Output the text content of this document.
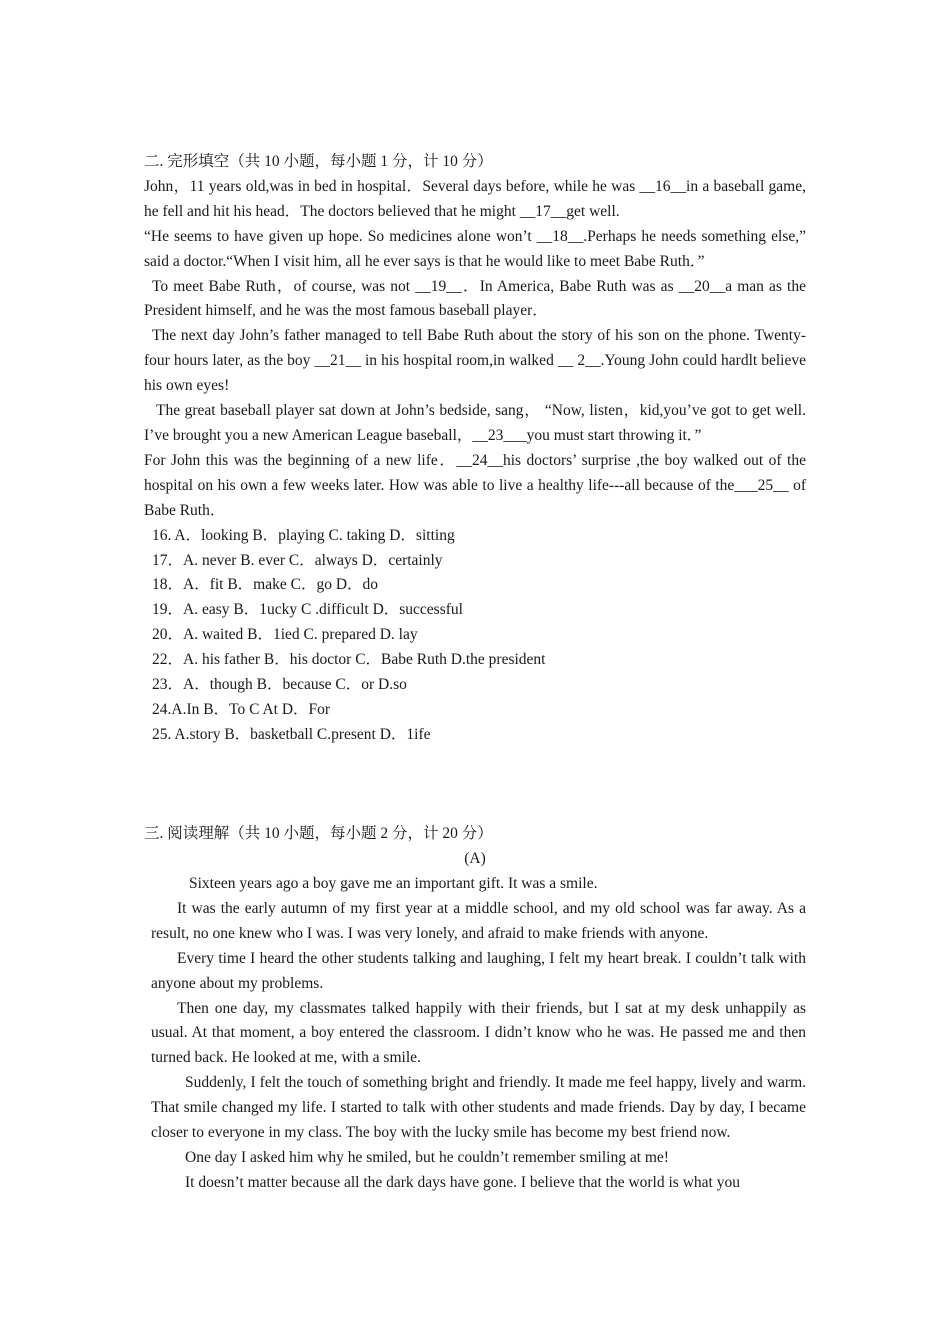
二. 完形填空（共 10 小题，每小题 1 分，计 10 分）

John，11 years old,was in bed in hospital．Several days before, while he was __16__in a baseball game, he fell and hit his head．The doctors believed that he might __17__get well.

“He seems to have given up hope. So medicines alone won’t __18__.Perhaps he needs something else,” said a doctor.“When I visit him, all he ever says is that he would like to meet Babe Ruth．”

To meet Babe Ruth，of course, was not __19__．In America, Babe Ruth was as __20__a man as the President himself, and he was the most famous baseball player．

The next day John’s father managed to tell Babe Ruth about the story of his son on the phone. Twenty-four hours later, as the boy __21__ in his hospital room,in walked __ 2__.Young John could hardlt believe his own eyes!

The great baseball player sat down at John’s bedside, sang， “Now, listen，kid,you’ve got to get well. I’ve brought you a new American League baseball，__23___you must start throwing it．”

For John this was the beginning of a new life．__24__his doctors’ surprise ,the boy walked out of the hospital on his own a few weeks later. How was able to live a healthy life---all because of the___25__ of Babe Ruth．

16. A．looking B．playing C. taking D．sitting

17．A. never B. ever C．always D．certainly

18．A．fit B．make C．go D．do

19．A. easy B．1ucky C .difficult D．successful

20．A. waited B．1ied C. prepared D. lay

22．A. his father B．his doctor C．Babe Ruth D.the president

23．A．though B．because C．or D.so

24.A.In B．To C At D．For

25. A.story B．basketball C.present D．1ife

三. 阅读理解（共 10 小题，每小题 2 分，计 20 分）

(A)

Sixteen years ago a boy gave me an important gift. It was a smile.

It was the early autumn of my first year at a middle school, and my old school was far away. As a result, no one knew who I was. I was very lonely, and afraid to make friends with anyone.

Every time I heard the other students talking and laughing, I felt my heart break. I couldn’t talk with anyone about my problems.

Then one day, my classmates talked happily with their friends, but I sat at my desk unhappily as usual. At that moment, a boy entered the classroom. I didn’t know who he was. He passed me and then turned back. He looked at me, with a smile.

Suddenly, I felt the touch of something bright and friendly. It made me feel happy, lively and warm. That smile changed my life. I started to talk with other students and made friends. Day by day, I became closer to everyone in my class. The boy with the lucky smile has become my best friend now.

One day I asked him why he smiled, but he couldn’t remember smiling at me!

It doesn’t matter because all the dark days have gone. I believe that the world is what you
